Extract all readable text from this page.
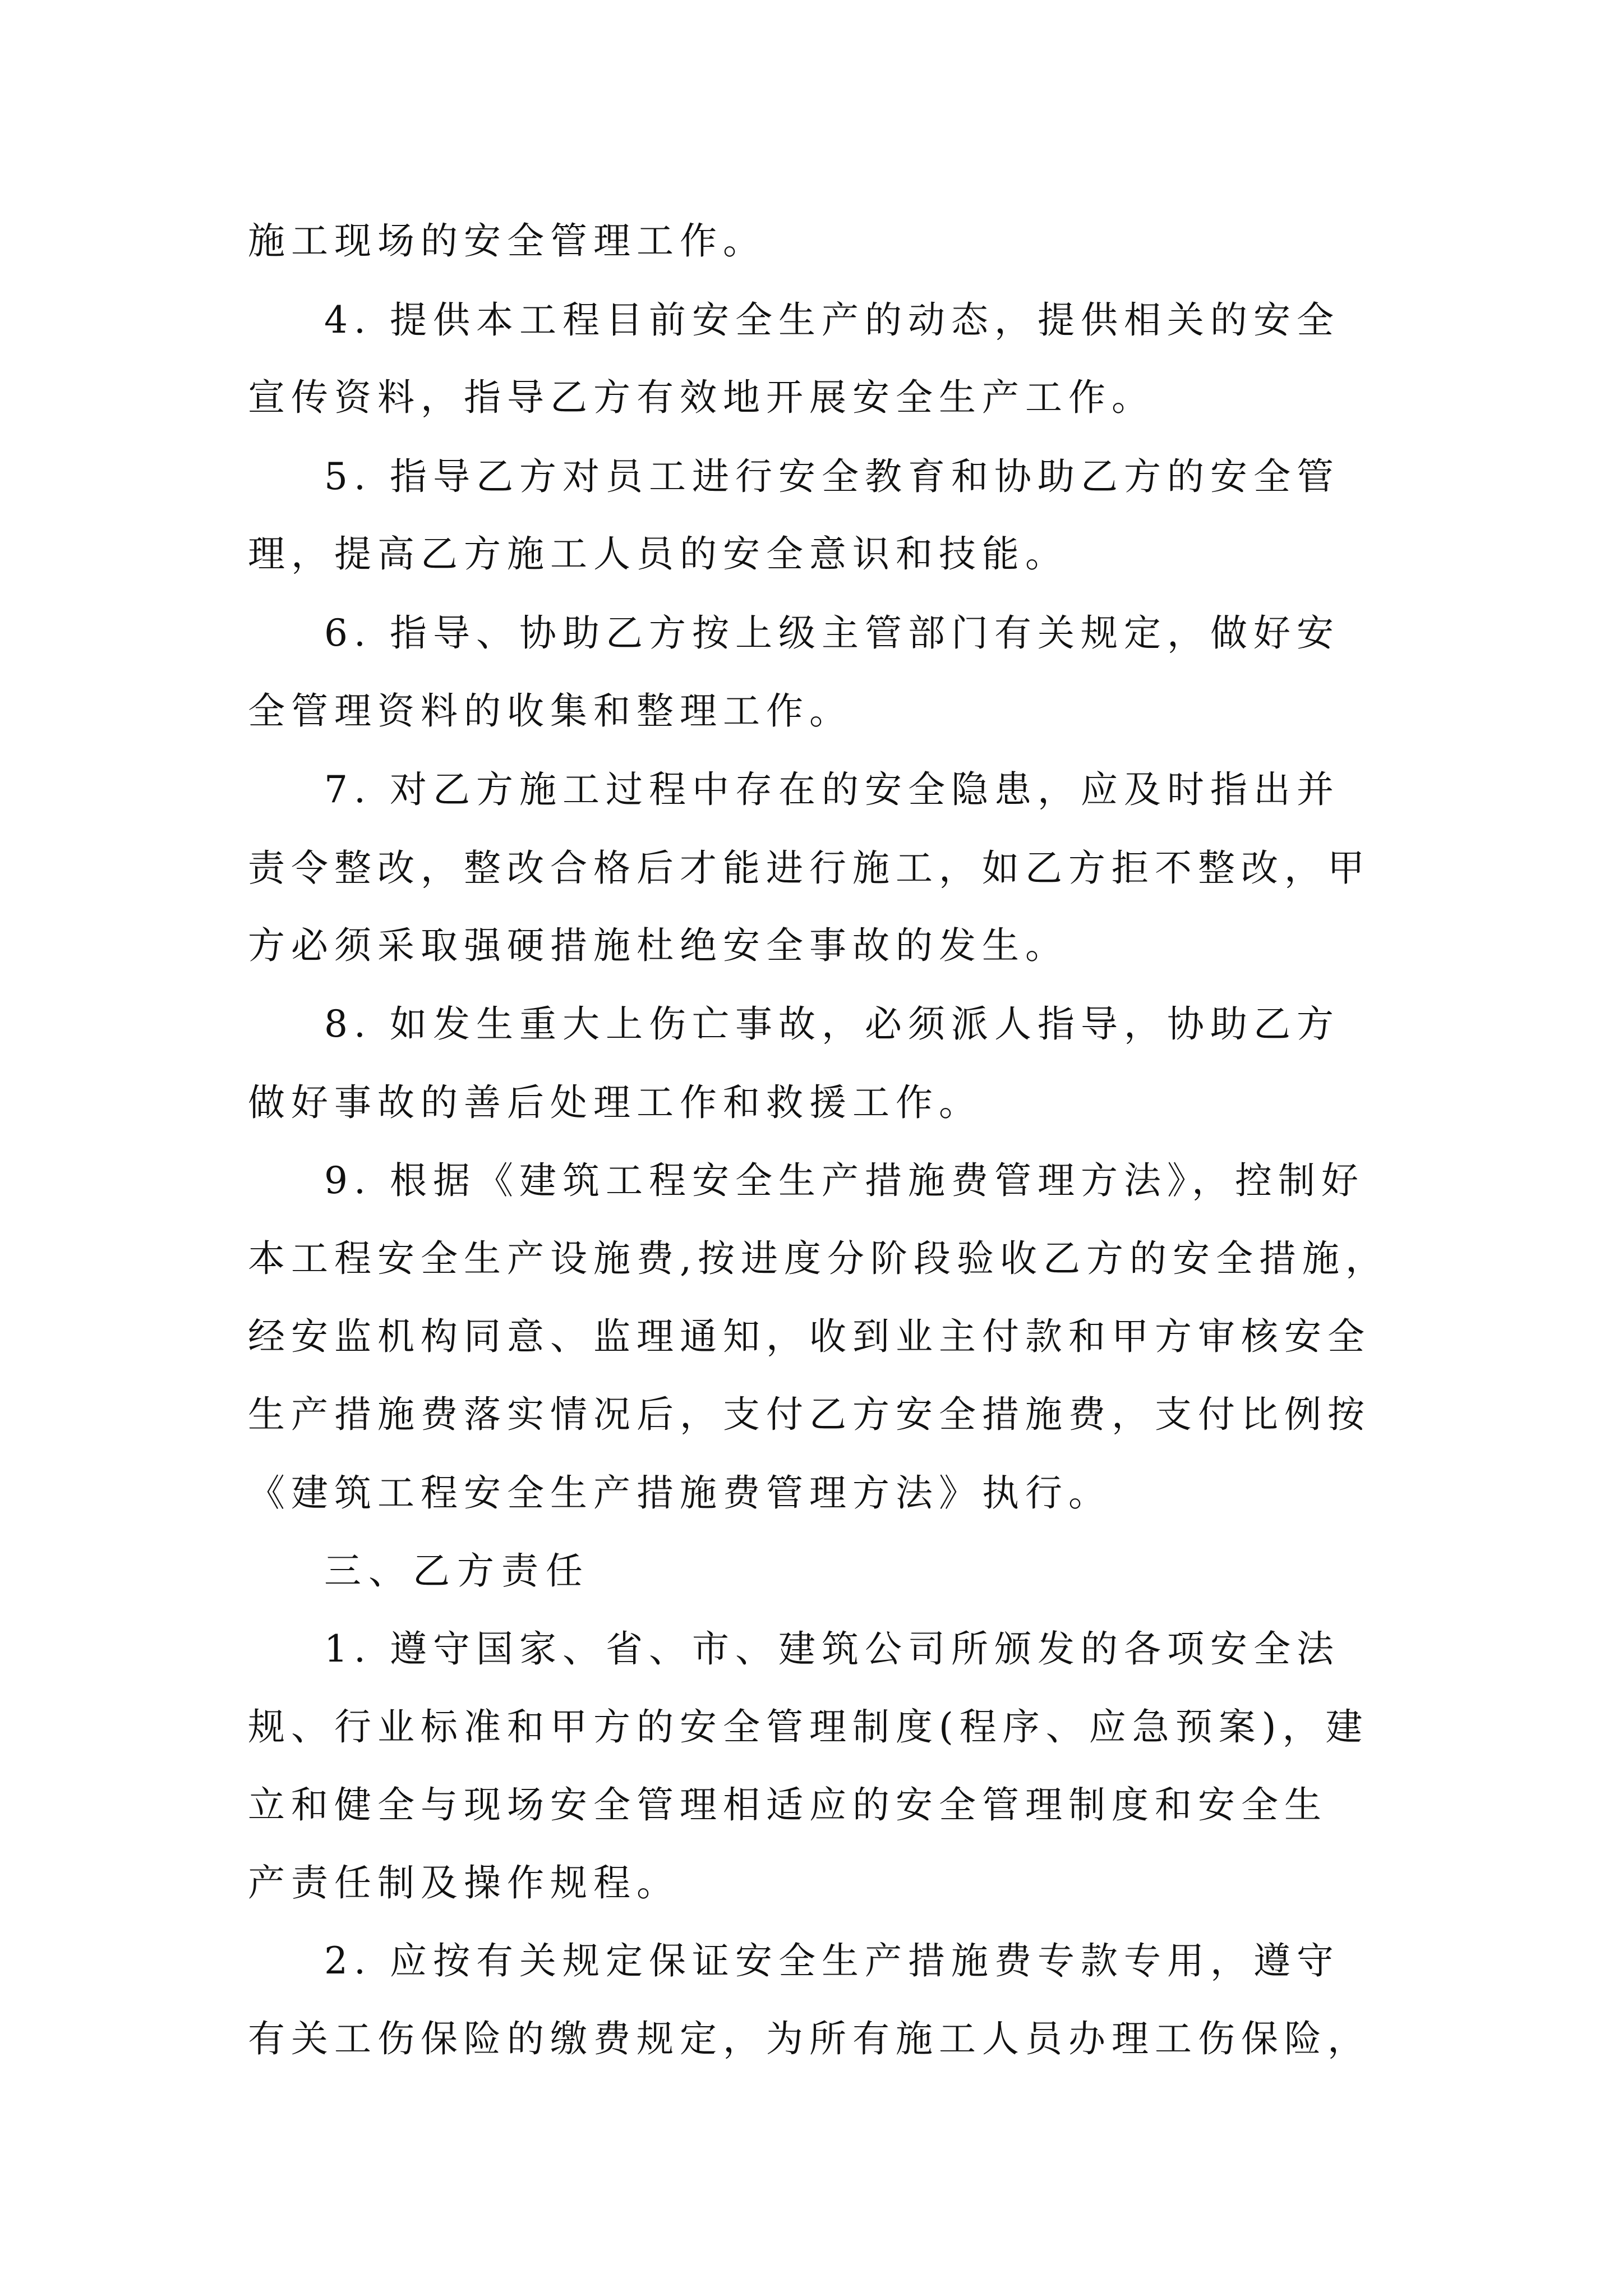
施工现场的安全管理工作。
4. 提供本工程目前安全生产的动态，提供相关的安全
宣传资料，指导乙方有效地开展安全生产工作。
5. 指导乙方对员工进行安全教育和协助乙方的安全管
理，提高乙方施工人员的安全意识和技能。
6. 指导、协助乙方按上级主管部门有关规定，做好安
全管理资料的收集和整理工作。
7. 对乙方施工过程中存在的安全隐患，应及时指出并
责令整改，整改合格后才能进行施工，如乙方拒不整改，甲
方必须采取强硬措施杜绝安全事故的发生。
8. 如发生重大上伤亡事故，必须派人指导，协助乙方
做好事故的善后处理工作和救援工作。
9. 根据《建筑工程安全生产措施费管理方法》，控制好
本工程安全生产设施费,按进度分阶段验收乙方的安全措施，
经安监机构同意、监理通知，收到业主付款和甲方审核安全
生产措施费落实情况后，支付乙方安全措施费，支付比例按
《建筑工程安全生产措施费管理方法》执行。
三、乙方责任
1. 遵守国家、省、市、建筑公司所颁发的各项安全法
规、行业标准和甲方的安全管理制度(程序、应急预案)，建
立和健全与现场安全管理相适应的安全管理制度和安全生
产责任制及操作规程。
2. 应按有关规定保证安全生产措施费专款专用，遵守
有关工伤保险的缴费规定，为所有施工人员办理工伤保险，
